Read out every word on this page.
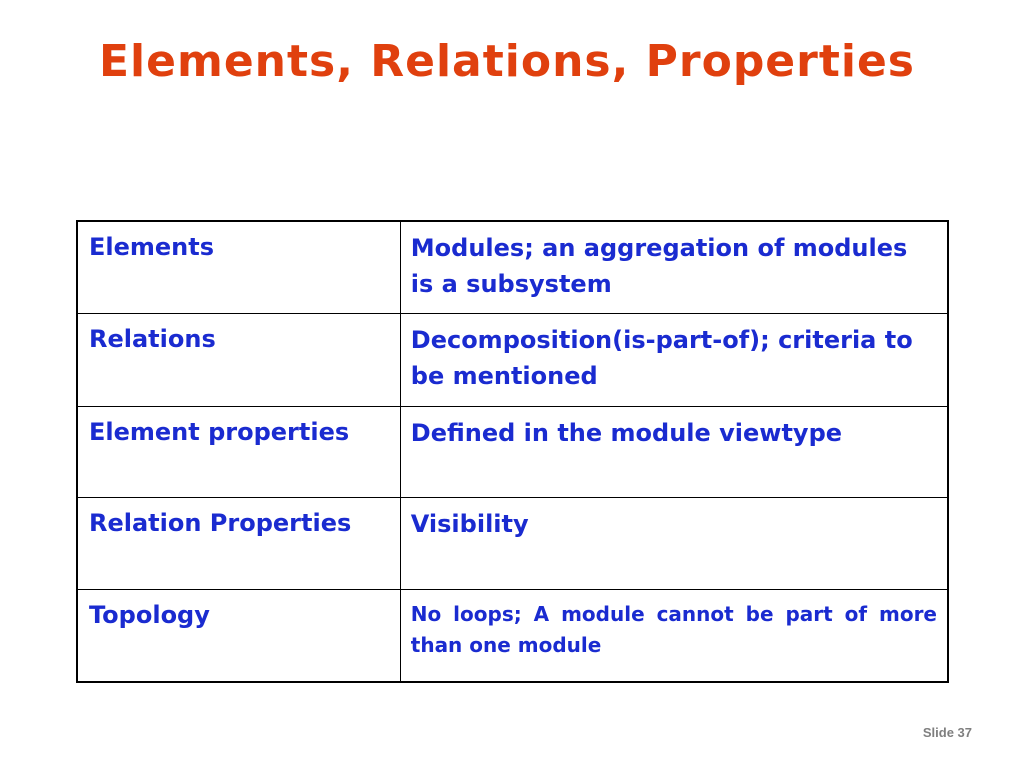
Elements, Relations, Properties
Elements	Modules; an aggregation of modules is a subsystem
Relations	Decomposition(is-part-of); criteria to be mentioned
Element properties	Defined in the module viewtype
Relation Properties	Visibility
Topology	No loops; A module cannot be part of more than one module
Slide 37
